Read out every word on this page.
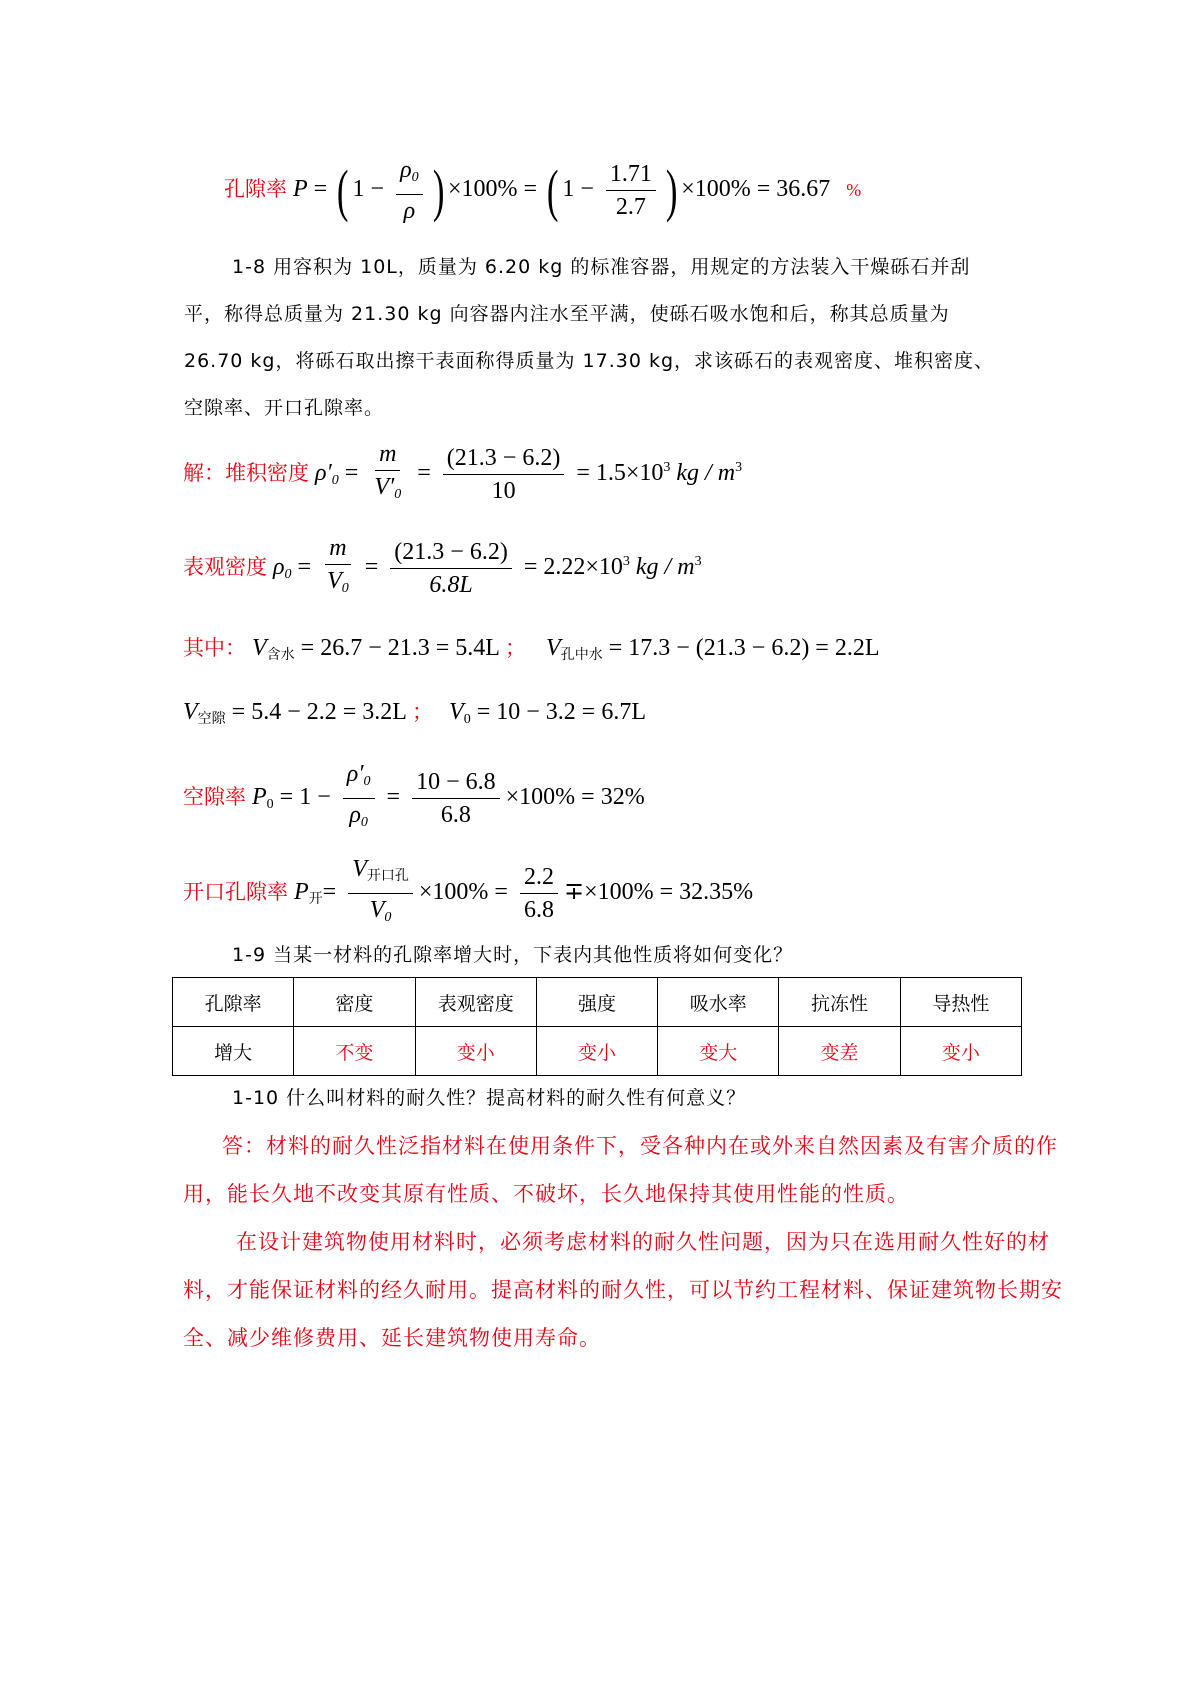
孔隙率 P = ( $1 - \frac{\rho_0}{\rho}$ ) ×100% = ( $1 - \frac{1.71}{2.7}$ ) ×100% = 36.67 %
1-8 用容积为 10L，质量为 6.20 kg 的标准容器，用规定的方法装入干燥砾石并刮
平，称得总质量为 21.30 kg 向容器内注水至平满，使砾石吸水饱和后，称其总质量为
26.70 kg，将砾石取出擦干表面称得质量为 17.30 kg，求该砾石的表观密度、堆积密度、
空隙率、开口孔隙率。
解：堆积密度 $\rho'_0 = \frac{m}{V'_0} = \frac{(21.3 - 6.2)}{10} = 1.5\times 10^3$ kg / $m^3$
表观密度 $\rho_0 = \frac{m}{V_0} = \frac{(21.3 - 6.2)}{6.8L} = 2.22\times 10^3$ kg / $m^3$
其中： $V_{含水} = 26.7 - 21.3 = 5.4L$ ； $V_{孔中水} = 17.3 - (21.3 - 6.2) = 2.2L$
$V_{空隙} = 5.4 - 2.2 = 3.2L$ ； $V_0 = 10 - 3.2 = 6.7L$
空隙率 $P_0 = 1 - \frac{\rho'_0}{\rho_0} = \frac{10 - 6.8}{6.8} \times 100\% = 32\%$
开口孔隙率 $P_开= \frac{V_{开口孔}}{V_0} \times 100\% = \frac{2.2}{6.8} \mp\times 100\% = 32.35\%$
1-9 当某一材料的孔隙率增大时，下表内其他性质将如何变化？
孔隙率	密度	表观密度	强度	吸水率	抗冻性	导热性
增大	不变	变小	变小	变大	变差	变小
1-10 什么叫材料的耐久性？提高材料的耐久性有何意义？
答：材料的耐久性泛指材料在使用条件下，受各种内在或外来自然因素及有害介质的作
用，能长久地不改变其原有性质、不破坏，长久地保持其使用性能的性质。
在设计建筑物使用材料时，必须考虑材料的耐久性问题，因为只在选用耐久性好的材
料，才能保证材料的经久耐用。提高材料的耐久性，可以节约工程材料、保证建筑物长期安
全、减少维修费用、延长建筑物使用寿命。
